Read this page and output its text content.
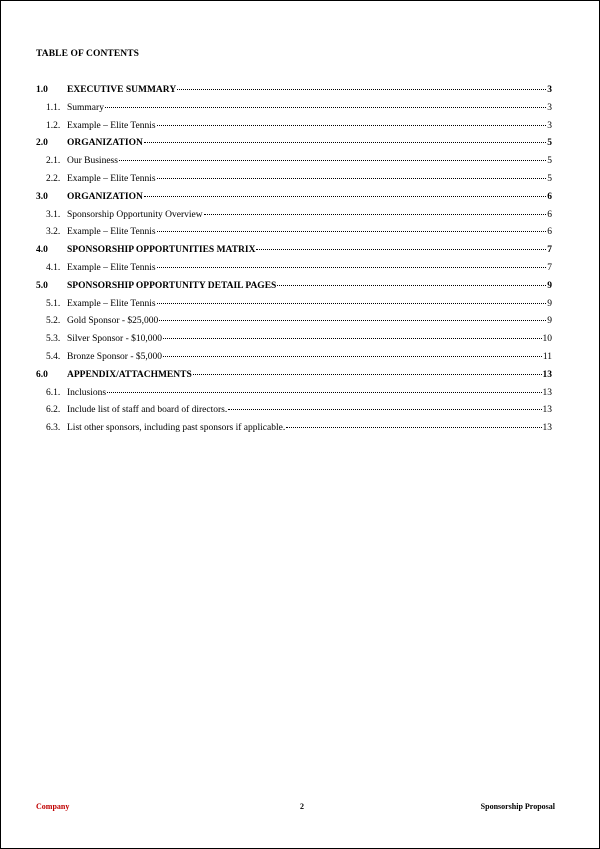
TABLE OF CONTENTS
1.0	EXECUTIVE SUMMARY	3
1.1. Summary	3
1.2. Example – Elite Tennis	3
2.0	ORGANIZATION	5
2.1. Our Business	5
2.2. Example – Elite Tennis	5
3.0	ORGANIZATION	6
3.1. Sponsorship Opportunity Overview	6
3.2. Example – Elite Tennis	6
4.0	SPONSORSHIP OPPORTUNITIES MATRIX	7
4.1. Example – Elite Tennis	7
5.0	SPONSORSHIP OPPORTUNITY DETAIL PAGES	9
5.1. Example – Elite Tennis	9
5.2. Gold Sponsor - $25,000	9
5.3. Silver Sponsor - $10,000	10
5.4. Bronze Sponsor - $5,000	11
6.0	APPENDIX/ATTACHMENTS	13
6.1. Inclusions	13
6.2. Include list of staff and board of directors.	13
6.3. List other sponsors, including past sponsors if applicable.	13
Company	2	Sponsorship Proposal
